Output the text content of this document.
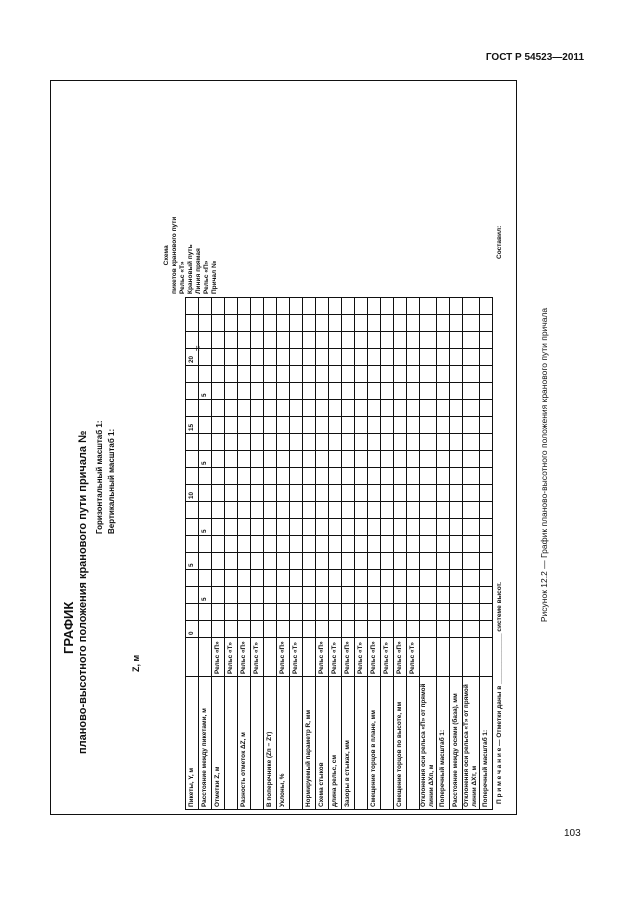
ГОСТ Р 54523—2011
103
Рисунок 12.2 — График планово-высотного положения кранового пути причала
ГРАФИК планово-высотного положения кранового пути причала № Горизонтальный масштаб 1: Вертикальный масштаб 1:
Z, м
Пикеты, Y, м		0				5				10				15				20			
Расстояние между пикетами, м				5				5				5				5					
Отметки Z, м	Рельс «П»																				
	Рельс «Т»																				
Разность отметок ΔZ, м	Рельс «П»																				
	Рельс «Т»																				
В поперечнике (Zп − Zт)																					
Уклоны, %	Рельс «П»																				
	Рельс «Т»																				
Нормируемый параметр R, мм																					
Схема стыков	Рельс «П»																				
длина рельс, см	Рельс «Т»																				
Зазоры в стыках, мм	Рельс «П»																				
	Рельс «Т»																				
Смещение торцов в плане, мм	Рельс «П»																				
	Рельс «Т»																				
Смещение торцов по высоте, мм	Рельс «П»																				
	Рельс «Т»																				
Отклонения оси рельса «П» от прямой линии ΔXп, м																					
Поперечный масштаб 1:																					
Расстояние между осями (база), мм																					
Отклонения оси рельса «Т» от прямой линии ΔXт, м																					
Поперечный масштаб 1:																					
≈
Схема пикетов кранового пути Рельс «Т» Крановый путь Линия прямая Рельс «П» Причал №
П р и м е ч а н и е — Отметки даны в ______________ системе высот.
Составил:
